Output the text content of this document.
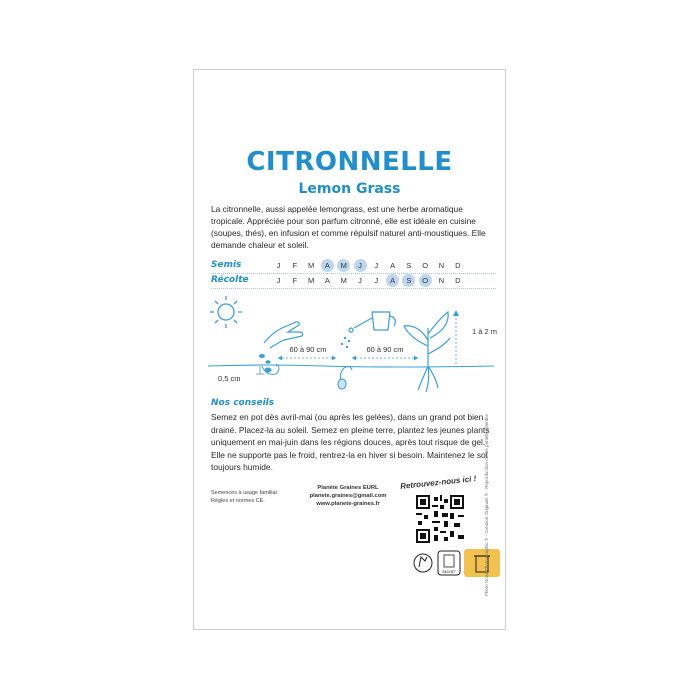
CITRONNELLE
Lemon Grass
La citronnelle, aussi appelée lemongrass, est une herbe aromatique tropicale. Appréciée pour son parfum citronné, elle est idéale en cuisine (soupes, thés), en infusion et comme répulsif naturel anti-moustiques. Elle demande chaleur et soleil.
Semis	J	F	M	A	M	J	J	A	S	O	N	D
Récolte	J	F	M	A	M	J	J	A	S	O	N	D
60 à 90 cm	60 à 90 cm
1 à 2 m
0,5 cm
Nos conseils
Semez en pot dès avril-mai (ou après les gelées), dans un grand pot bien drainé. Placez-la au soleil. Semez en pleine terre, plantez les jeunes plants uniquement en mai-juin dans les régions douces, après tout risque de gel. Elle ne supporte pas le froid, rentrez-la en hiver si besoin. Maintenez le sol toujours humide.
Semences à usage familial.
Règles et normes CE.
Planète Graines EURL
planete.graines@gmail.com
www.planete-graines.fr
Retrouvez-nous ici !
SACHET	Photo Nova/Photo-Graphic ® - Création Originale ® - Reproduction même partielle interdite
